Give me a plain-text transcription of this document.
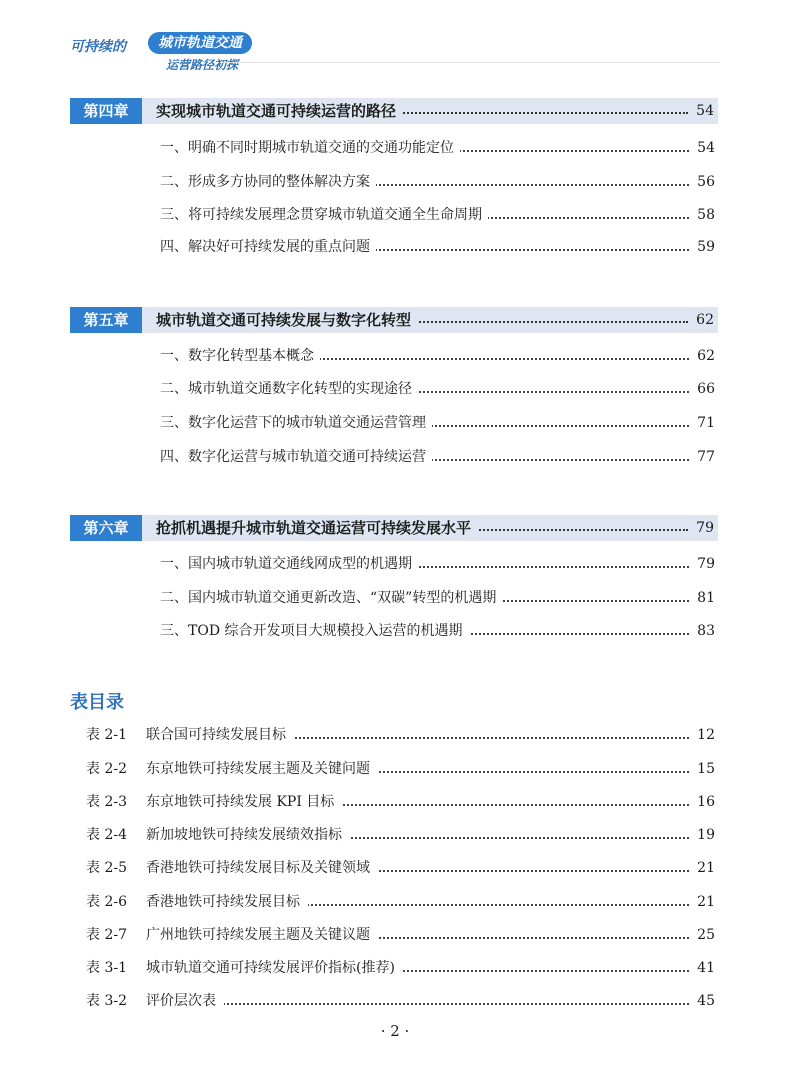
可持续的	城市轨道交通
运营路径初探
第四章	实现城市轨道交通可持续运营的路径	54
一、明确不同时期城市轨道交通的交通功能定位	54
二、形成多方协同的整体解决方案	56
三、将可持续发展理念贯穿城市轨道交通全生命周期	58
四、解决好可持续发展的重点问题	59
第五章	城市轨道交通可持续发展与数字化转型	62
一、数字化转型基本概念	62
二、城市轨道交通数字化转型的实现途径	66
三、数字化运营下的城市轨道交通运营管理	71
四、数字化运营与城市轨道交通可持续运营	77
第六章	抢抓机遇提升城市轨道交通运营可持续发展水平	79
一、国内城市轨道交通线网成型的机遇期	79
二、国内城市轨道交通更新改造、“双碳”转型的机遇期	81
三、TOD 综合开发项目大规模投入运营的机遇期	83
表目录
表 2-1	联合国可持续发展目标	12
表 2-2	东京地铁可持续发展主题及关键问题	15
表 2-3	东京地铁可持续发展 KPI 目标	16
表 2-4	新加坡地铁可持续发展绩效指标	19
表 2-5	香港地铁可持续发展目标及关键领域	21
表 2-6	香港地铁可持续发展目标	21
表 2-7	广州地铁可持续发展主题及关键议题	25
表 3-1	城市轨道交通可持续发展评价指标(推荐)	41
表 3-2	评价层次表	45
· 2 ·
